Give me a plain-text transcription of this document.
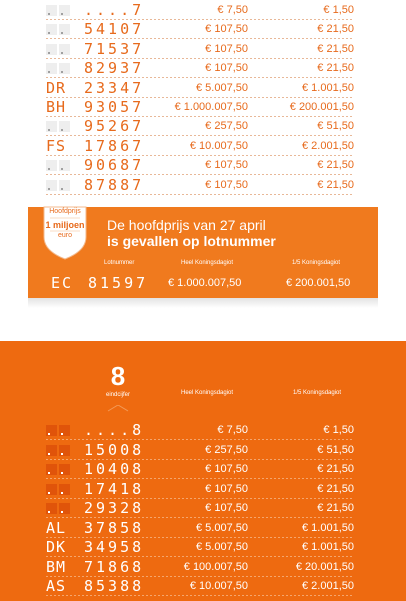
....7	€ 7,50	€ 1,50
54107	€ 107,50	€ 21,50
71537	€ 107,50	€ 21,50
82937	€ 107,50	€ 21,50
DR 23347	€ 5.007,50	€ 1.001,50
BH 93057	€ 1.000.007,50	€ 200.001,50
95267	€ 257,50	€ 51,50
FS 17867	€ 10.007,50	€ 2.001,50
90687	€ 107,50	€ 21,50
87887	€ 107,50	€ 21,50
Hoofdprijs
1 miljoen
euro
De hoofdprijs van 27 april
is gevallen op lotnummer
Lotnummer	Heel Koningsdagiot	1/5 Koningsdagiot
EC 81597 € 1.000.007,50	€ 200.001,50
8
eindcijfer	Heel Koningsdagiot	1/5 Koningsdagiot
....8	€ 7,50	€ 1,50
15008	€ 257,50	€ 51,50
10408	€ 107,50	€ 21,50
17418	€ 107,50	€ 21,50
29328	€ 107,50	€ 21,50
AL 37858	€ 5.007,50	€ 1.001,50
DK 34958	€ 5.007,50	€ 1.001,50
BM 71868	€ 100.007,50	€ 20.001,50
AS 85388	€ 10.007,50	€ 2.001,50
